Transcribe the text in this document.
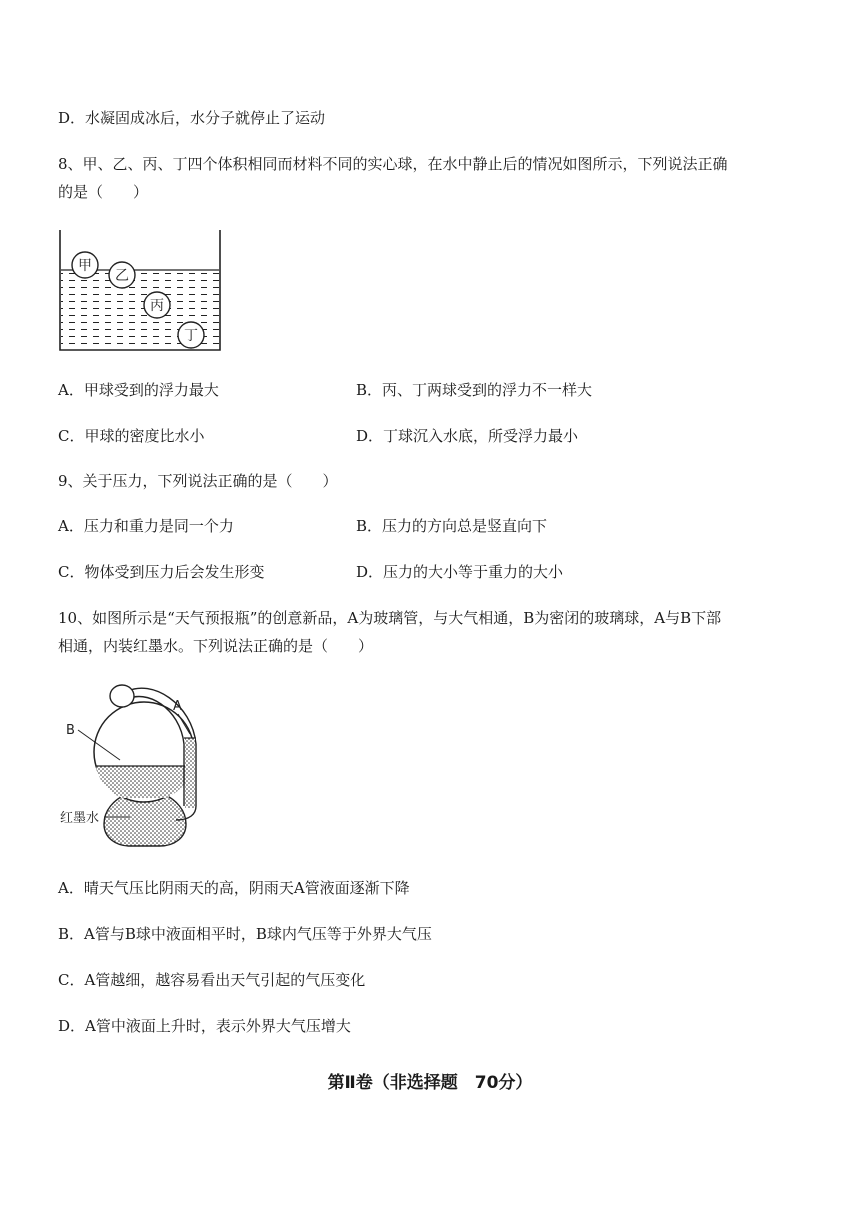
D．水凝固成冰后，水分子就停止了运动
8、甲、乙、丙、丁四个体积相同而材料不同的实心球，在水中静止后的情况如图所示，下列说法正确
的是（　　）
甲
乙
丙
丁
A．甲球受到的浮力最大	B．丙、丁两球受到的浮力不一样大
C．甲球的密度比水小	D．丁球沉入水底，所受浮力最小
9、关于压力，下列说法正确的是（　　）
A．压力和重力是同一个力	B．压力的方向总是竖直向下
C．物体受到压力后会发生形变	D．压力的大小等于重力的大小
10、如图所示是“天气预报瓶”的创意新品，A为玻璃管，与大气相通，B为密闭的玻璃球，A与B下部
相通，内装红墨水。下列说法正确的是（　　）
A
B
红墨水
A．晴天气压比阴雨天的高，阴雨天A管液面逐渐下降
B．A管与B球中液面相平时，B球内气压等于外界大气压
C．A管越细，越容易看出天气引起的气压变化
D．A管中液面上升时，表示外界大气压增大
第Ⅱ卷（非选择题　70分）
